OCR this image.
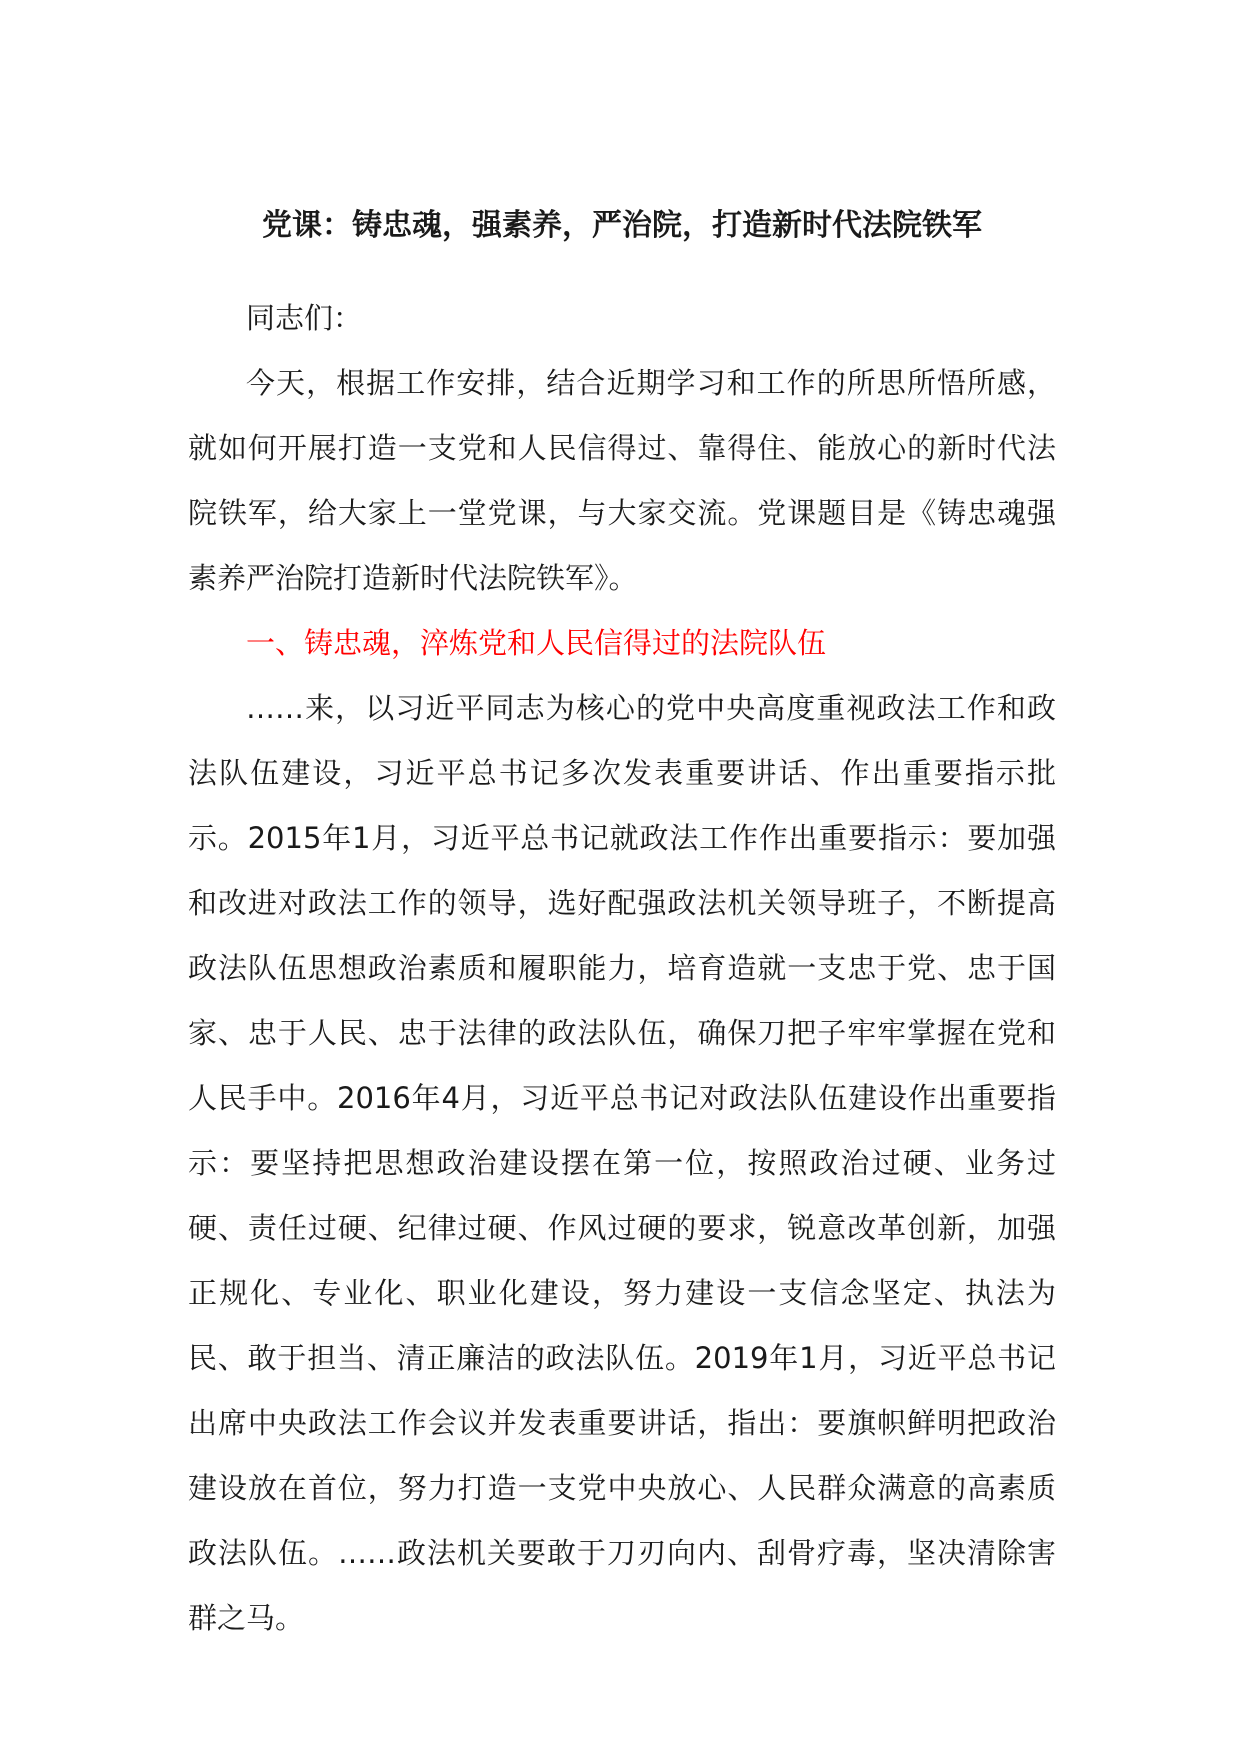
党课：铸忠魂，强素养，严治院，打造新时代法院铁军

同志们：

今天，根据工作安排，结合近期学习和工作的所思所悟所感，就如何开展打造一支党和人民信得过、靠得住、能放心的新时代法院铁军，给大家上一堂党课，与大家交流。党课题目是《铸忠魂强素养严治院打造新时代法院铁军》。

一、铸忠魂，淬炼党和人民信得过的法院队伍

……来，以习近平同志为核心的党中央高度重视政法工作和政法队伍建设，习近平总书记多次发表重要讲话、作出重要指示批示。2015年1月，习近平总书记就政法工作作出重要指示：要加强和改进对政法工作的领导，选好配强政法机关领导班子，不断提高政法队伍思想政治素质和履职能力，培育造就一支忠于党、忠于国家、忠于人民、忠于法律的政法队伍，确保刀把子牢牢掌握在党和人民手中。2016年4月，习近平总书记对政法队伍建设作出重要指示：要坚持把思想政治建设摆在第一位，按照政治过硬、业务过硬、责任过硬、纪律过硬、作风过硬的要求，锐意改革创新，加强正规化、专业化、职业化建设，努力建设一支信念坚定、执法为民、敢于担当、清正廉洁的政法队伍。2019年1月，习近平总书记出席中央政法工作会议并发表重要讲话，指出：要旗帜鲜明把政治建设放在首位，努力打造一支党中央放心、人民群众满意的高素质政法队伍。……政法机关要敢于刀刃向内、刮骨疗毒，坚决清除害群之马。
